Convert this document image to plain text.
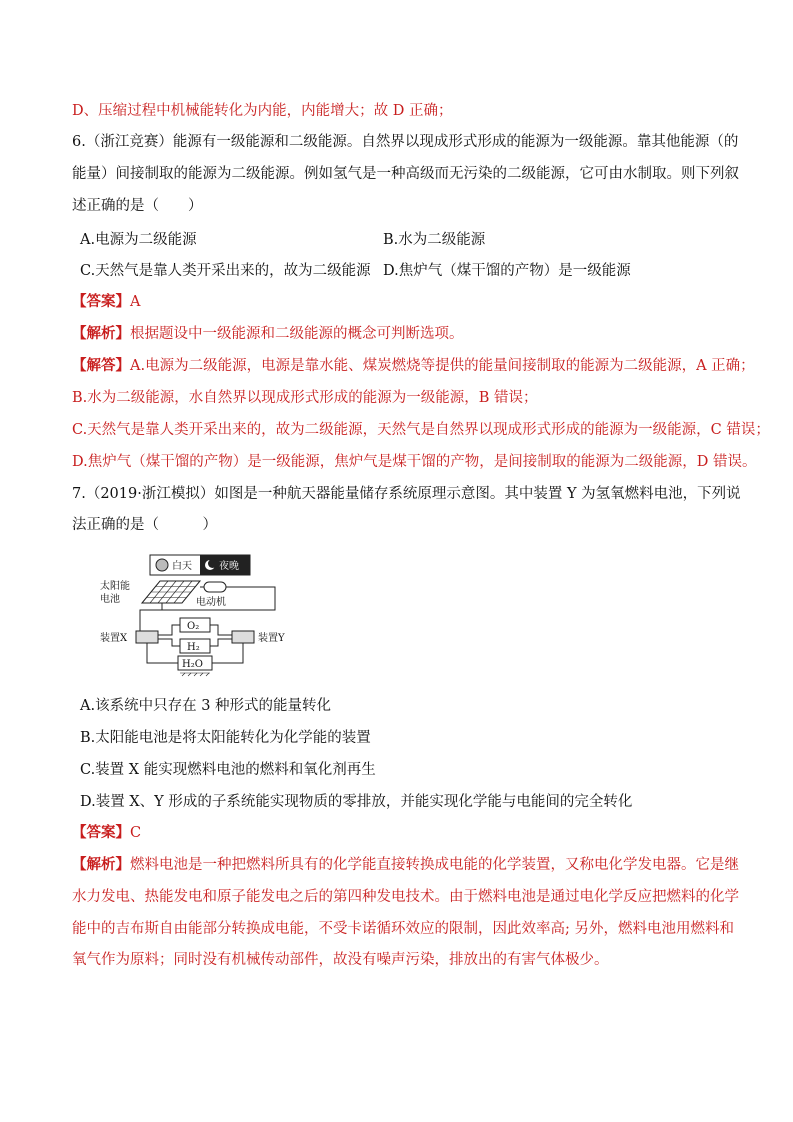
D、压缩过程中机械能转化为内能，内能增大；故 D 正确；
6.（浙江竞赛）能源有一级能源和二级能源。自然界以现成形式形成的能源为一级能源。靠其他能源（的
能量）间接制取的能源为二级能源。例如氢气是一种高级而无污染的二级能源，它可由水制取。则下列叙
述正确的是（　　）
A.电源为二级能源	B.水为二级能源
C.天然气是靠人类开采出来的，故为二级能源 D.焦炉气（煤干馏的产物）是一级能源
【答案】A
【解析】根据题设中一级能源和二级能源的概念可判断选项。
【解答】A.电源为二级能源，电源是靠水能、煤炭燃烧等提供的能量间接制取的能源为二级能源，A 正确；
B.水为二级能源，水自然界以现成形式形成的能源为一级能源，B 错误；
C.天然气是靠人类开采出来的，故为二级能源，天然气是自然界以现成形式形成的能源为一级能源，C 错误；
D.焦炉气（煤干馏的产物）是一级能源，焦炉气是煤干馏的产物，是间接制取的能源为二级能源，D 错误。
7.（2019·浙江模拟）如图是一种航天器能量储存系统原理示意图。其中装置 Y 为氢氧燃料电池，下列说
法正确的是（　　　）
白天	夜晚
太阳能
电池	电动机
装置X	装置Y
O₂
H₂
H₂O
A.该系统中只存在 3 种形式的能量转化
B.太阳能电池是将太阳能转化为化学能的装置
C.装置 X 能实现燃料电池的燃料和氧化剂再生
D.装置 X、Y 形成的子系统能实现物质的零排放，并能实现化学能与电能间的完全转化
【答案】C
【解析】燃料电池是一种把燃料所具有的化学能直接转换成电能的化学装置，又称电化学发电器。它是继
水力发电、热能发电和原子能发电之后的第四种发电技术。由于燃料电池是通过电化学反应把燃料的化学
能中的吉布斯自由能部分转换成电能，不受卡诺循环效应的限制，因此效率高; 另外，燃料电池用燃料和
氧气作为原料；同时没有机械传动部件，故没有噪声污染，排放出的有害气体极少。
